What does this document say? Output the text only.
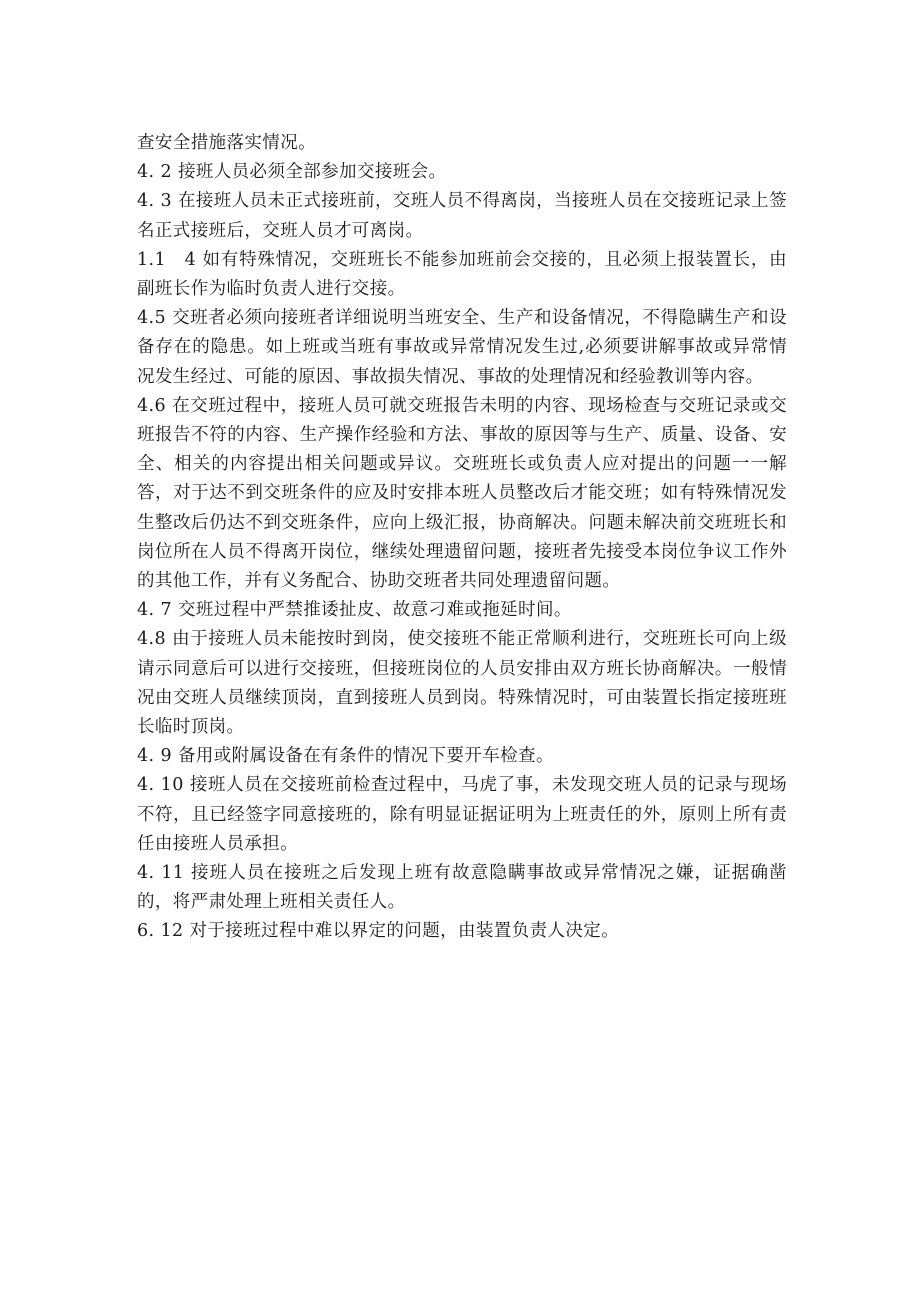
查安全措施落实情况。

4. 2 接班人员必须全部参加交接班会。

4. 3 在接班人员未正式接班前，交班人员不得离岗，当接班人员在交接班记录上签名正式接班后，交班人员才可离岗。

1.1　4 如有特殊情况，交班班长不能参加班前会交接的，且必须上报装置长，由副班长作为临时负责人进行交接。

4.5 交班者必须向接班者详细说明当班安全、生产和设备情况，不得隐瞒生产和设备存在的隐患。如上班或当班有事故或异常情况发生过,必须要讲解事故或异常情况发生经过、可能的原因、事故损失情况、事故的处理情况和经验教训等内容。

4.6 在交班过程中，接班人员可就交班报告未明的内容、现场检查与交班记录或交班报告不符的内容、生产操作经验和方法、事故的原因等与生产、质量、设备、安全、相关的内容提出相关问题或异议。交班班长或负责人应对提出的问题一一解答，对于达不到交班条件的应及时安排本班人员整改后才能交班；如有特殊情况发生整改后仍达不到交班条件，应向上级汇报，协商解决。问题未解决前交班班长和岗位所在人员不得离开岗位，继续处理遗留问题，接班者先接受本岗位争议工作外的其他工作，并有义务配合、协助交班者共同处理遗留问题。

4. 7 交班过程中严禁推诿扯皮、故意刁难或拖延时间。

4.8 由于接班人员未能按时到岗，使交接班不能正常顺利进行，交班班长可向上级请示同意后可以进行交接班，但接班岗位的人员安排由双方班长协商解决。一般情况由交班人员继续顶岗，直到接班人员到岗。特殊情况时，可由装置长指定接班班长临时顶岗。

4. 9 备用或附属设备在有条件的情况下要开车检查。

4. 10 接班人员在交接班前检查过程中，马虎了事，未发现交班人员的记录与现场不符，且已经签字同意接班的，除有明显证据证明为上班责任的外，原则上所有责任由接班人员承担。

4. 11 接班人员在接班之后发现上班有故意隐瞒事故或异常情况之嫌，证据确凿的，将严肃处理上班相关责任人。

6. 12 对于接班过程中难以界定的问题，由装置负责人决定。
